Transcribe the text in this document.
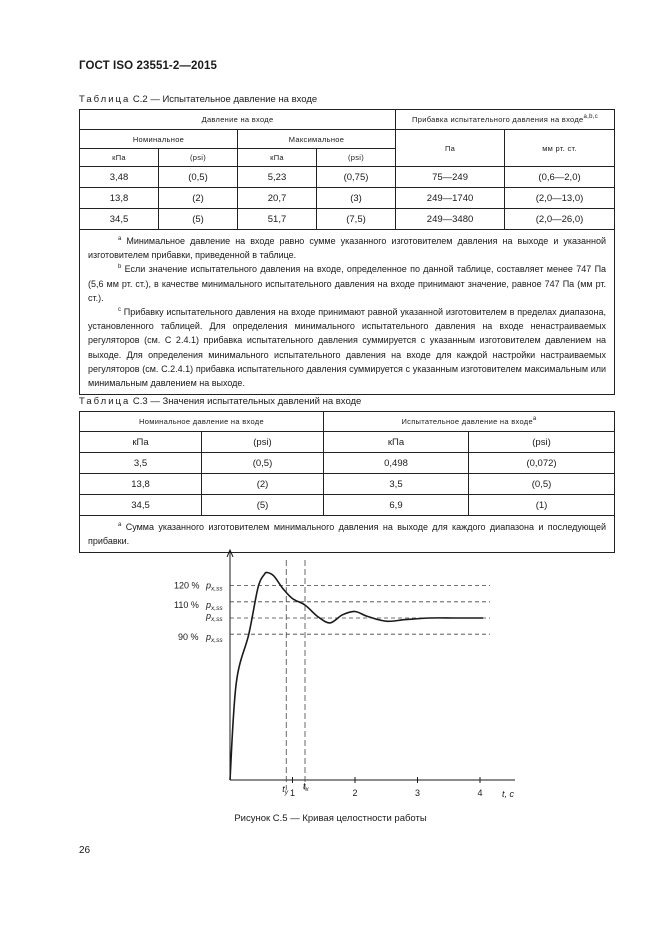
ГОСТ ISO 23551-2—2015
Таблица С.2 — Испытательное давление на входе
Давление на входе				Прибавка испытательного давления на входе$^{a,b,c}$
Номинальное		Максимальное		Па	мм рт. ст.
кПа	(psi)	кПа	(psi)		
3,48	(0,5)	5,23	(0,75)	75—249	(0,6—2,0)
13,8	(2)	20,7	(3)	249—1740	(2,0—13,0)
34,5	(5)	51,7	(7,5)	249—3480	(2,0—26,0)

$^a$ Минимальное давление на входе равно сумме указанного изготовителем давления на выходе и указанной изготовителем прибавки, приведенной в таблице.

$^b$ Если значение испытательного давления на входе, определенное по данной таблице, составляет менее 747 Па (5,6 мм рт. ст.), в качестве минимального испытательного давления на входе принимают значение, равное 747 Па (мм рт. ст.).

$^c$ Прибавку испытательного давления на входе принимают равной указанной изготовителем в пределах диапазона, установленного таблицей. Для определения минимального испытательного давления на входе ненастраиваемых регуляторов (см. С 2.4.1) прибавка испытательного давления суммируется с указанным изготовителем давлением на выходе. Для определения минимального испытательного давления на входе для каждой настройки настраиваемых регуляторов (см. С.2.4.1) прибавка испытательного давления суммируется с указанным изготовителем максимальным или минимальным давлением на выходе.					

Таблица С.3 — Значения испытательных давлений на входе
Номинальное давление на входе		Испытательное давление на входе$^a$
кПа	(psi)	кПа	(psi)
3,5	(0,5)	0,498	(0,072)
13,8	(2)	3,5	(0,5)
34,5	(5)	6,9	(1)

$^a$ Сумма указанного изготовителем минимального давления на выходе для каждого диапазона и последующей прибавки.			

120 % $p_{x,ss}$
110 % $p_{x,ss}$
$p_{x,ss}$
90 % $p_{x,ss}$
1	2	3	4
$t_y$
$t_x$	t, с
Рисунок С.5 — Кривая целостности работы
26
